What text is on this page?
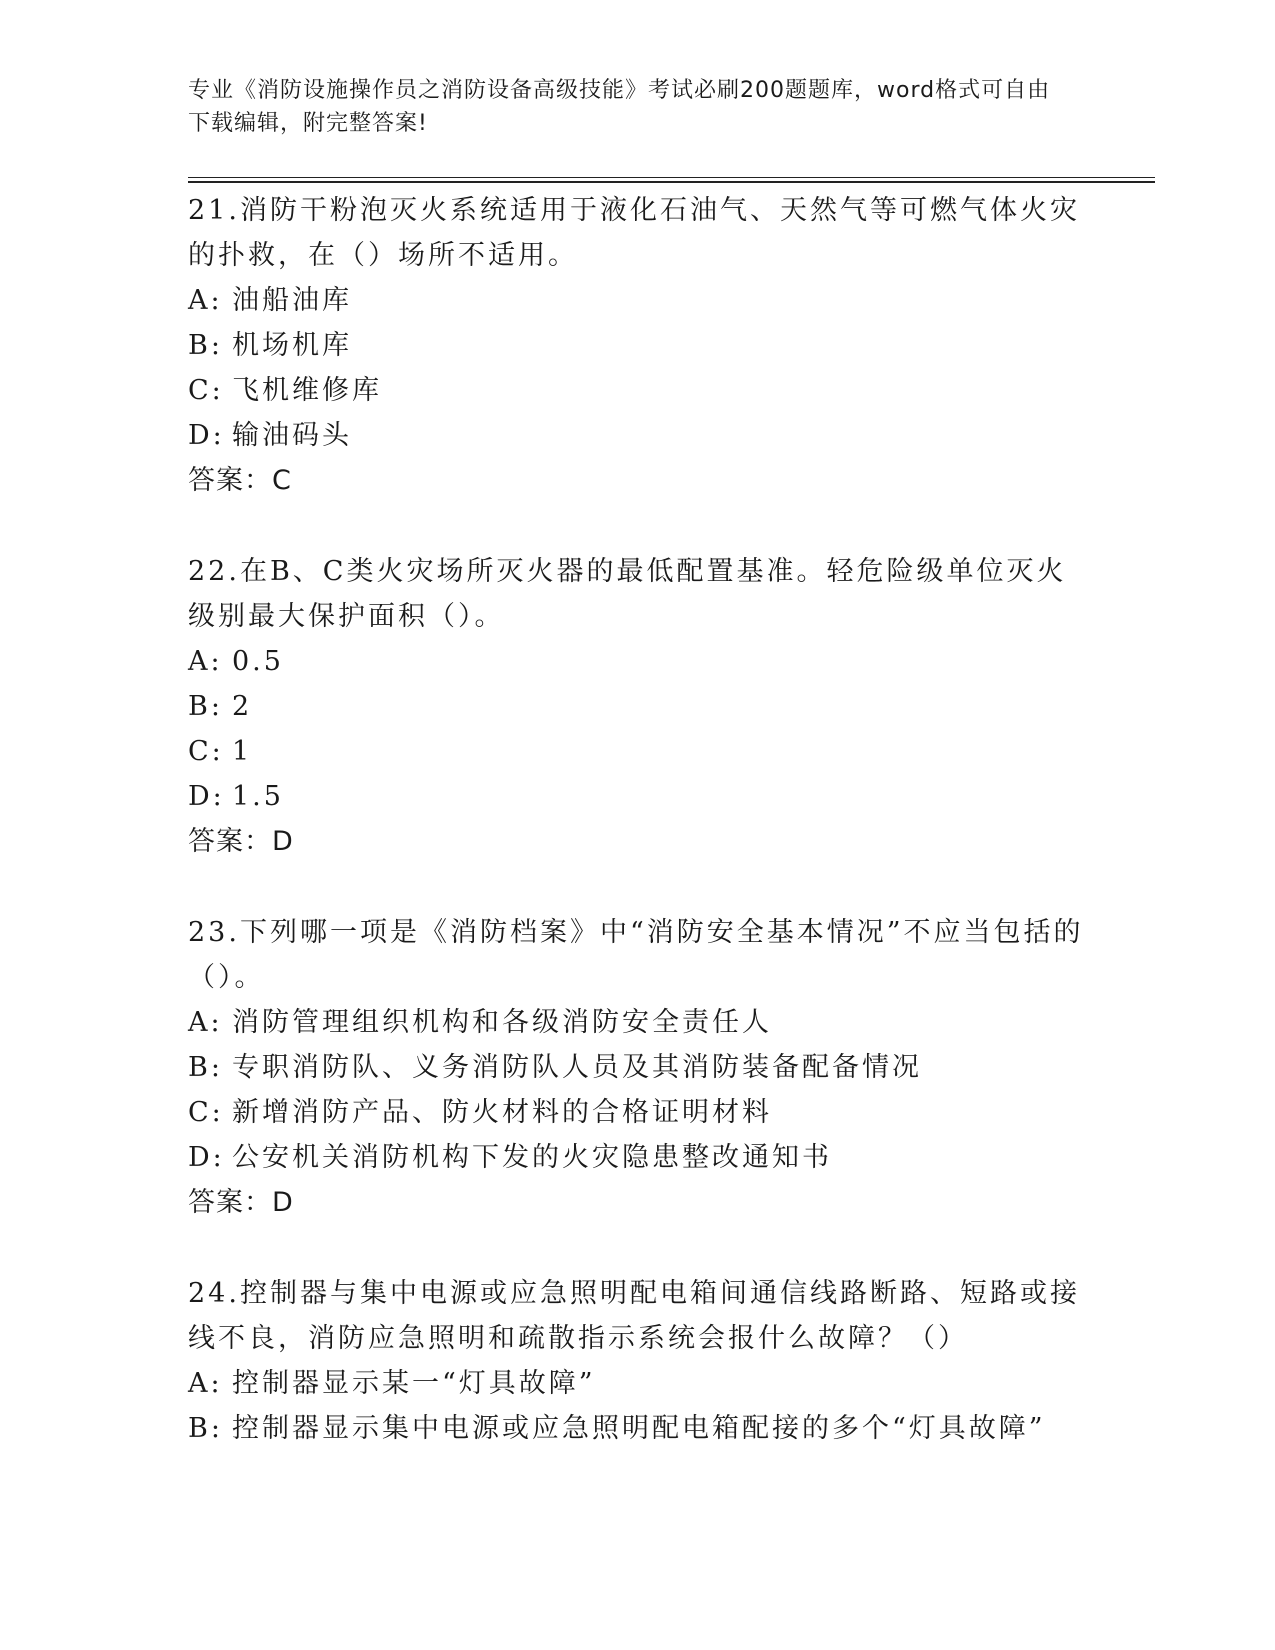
专业《消防设施操作员之消防设备高级技能》考试必刷200题题库，word格式可自由下载编辑，附完整答案!

21.消防干粉泡灭火系统适用于液化石油气、天然气等可燃气体火灾的扑救，在（）场所不适用。

A: 油船油库

B: 机场机库

C: 飞机维修库

D: 输油码头

答案：C

22.在B、C类火灾场所灭火器的最低配置基准。轻危险级单位灭火级别最大保护面积（）。

A: 0.5

B: 2

C: 1

D: 1.5

答案：D

23.下列哪一项是《消防档案》中“消防安全基本情况”不应当包括的（）。

A: 消防管理组织机构和各级消防安全责任人

B: 专职消防队、义务消防队人员及其消防装备配备情况

C: 新增消防产品、防火材料的合格证明材料

D: 公安机关消防机构下发的火灾隐患整改通知书

答案：D

24.控制器与集中电源或应急照明配电箱间通信线路断路、短路或接线不良，消防应急照明和疏散指示系统会报什么故障？（）

A: 控制器显示某一“灯具故障”

B: 控制器显示集中电源或应急照明配电箱配接的多个“灯具故障”
